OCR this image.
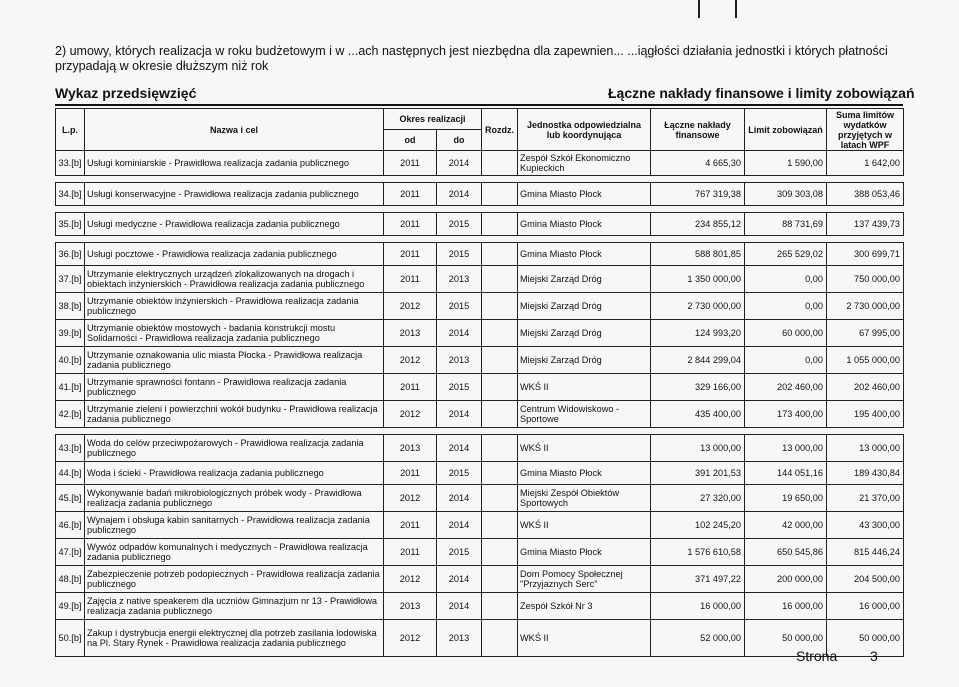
2) umowy, których realizacja w roku budżetowym i w ...ach następnych jest niezbędna dla zapewnien... ...iągłości działania jednostki i których płatności przypadają w okresie dłuższym niż rok
Wykaz przedsięwzięć	Łączne nakłady finansowe i limity zobowiązań
L.p.	Nazwa i cel	Okres realizacji		Rozdz.	Jednostka odpowiedzialna lub koordynująca	Łączne nakłady finansowe	Limit zobowiązań	Suma limitów wydatków przyjętych w latach WPF
		od	do					
33.[b]	Usługi kominiarskie - Prawidłowa realizacja zadania publicznego	2011	2014		Zespół Szkół Ekonomiczno Kupieckich	4 665,30	1 590,00	1 642,00

34.[b]	Usługi konserwacyjne - Prawidłowa realizacja zadania publicznego	2011	2014		Gmina Miasto Płock	767 319,38	309 303,08	388 053,46

35.[b]	Usługi medyczne - Prawidłowa realizacja zadania publicznego	2011	2015		Gmina Miasto Płock	234 855,12	88 731,69	137 439,73

36.[b]	Usługi pocztowe - Prawidłowa realizacja zadania publicznego	2011	2015		Gmina Miasto Płock	588 801,85	265 529,02	300 699,71
37.[b]	Utrzymanie elektrycznych urządzeń zlokalizowanych na drogach i obiektach inżynierskich - Prawidłowa realizacja zadania publicznego	2011	2013		Miejski Zarząd Dróg	1 350 000,00	0,00	750 000,00
38.[b]	Utrzymanie obiektów inżynierskich - Prawidłowa realizacja zadania publicznego	2012	2015		Miejski Zarząd Dróg	2 730 000,00	0,00	2 730 000,00
39.[b]	Utrzymanie obiektów mostowych - badania konstrukcji mostu Solidarności - Prawidłowa realizacja zadania publicznego	2013	2014		Miejski Zarząd Dróg	124 993,20	60 000,00	67 995,00
40.[b]	Utrzymanie oznakowania ulic miasta Płocka - Prawidłowa realizacja zadania publicznego	2012	2013		Miejski Zarząd Dróg	2 844 299,04	0,00	1 055 000,00
41.[b]	Utrzymanie sprawności fontann - Prawidłowa realizacja zadania publicznego	2011	2015		WKŚ II	329 166,00	202 460,00	202 460,00
42.[b]	Utrzymanie zieleni i powierzchni wokół budynku - Prawidłowa realizacja zadania publicznego	2012	2014		Centrum Widowiskowo - Sportowe	435 400,00	173 400,00	195 400,00

43.[b]	Woda do celów przeciwpożarowych - Prawidłowa realizacja zadania publicznego	2013	2014		WKŚ II	13 000,00	13 000,00	13 000,00
44.[b]	Woda i ścieki - Prawidłowa realizacja zadania publicznego	2011	2015		Gmina Miasto Płock	391 201,53	144 051,16	189 430,84
45.[b]	Wykonywanie badań mikrobiologicznych próbek wody - Prawidłowa realizacja zadania publicznego	2012	2014		Miejski Zespół Obiektów Sportowych	27 320,00	19 650,00	21 370,00
46.[b]	Wynajem i obsługa kabin sanitarnych - Prawidłowa realizacja zadania publicznego	2011	2014		WKŚ II	102 245,20	42 000,00	43 300,00
47.[b]	Wywóz odpadów komunalnych i medycznych - Prawidłowa realizacja zadania publicznego	2011	2015		Gmina Miasto Płock	1 576 610,58	650 545,86	815 446,24
48.[b]	Zabezpieczenie potrzeb podopiecznych - Prawidłowa realizacja zadania publicznego	2012	2014		Dom Pomocy Społecznej "Przyjaznych Serc"	371 497,22	200 000,00	204 500,00
49.[b]	Zajęcia z native speakerem dla uczniów Gimnazjum nr 13 - Prawidłowa realizacja zadania publicznego	2013	2014		Zespół Szkół Nr 3	16 000,00	16 000,00	16 000,00
50.[b]	Zakup i dystrybucja energii elektrycznej dla potrzeb zasilania lodowiska na Pl. Stary Rynek - Prawidłowa realizacja zadania publicznego	2012	2013		WKŚ II	52 000,00	50 000,00	50 000,00
Strona 3
